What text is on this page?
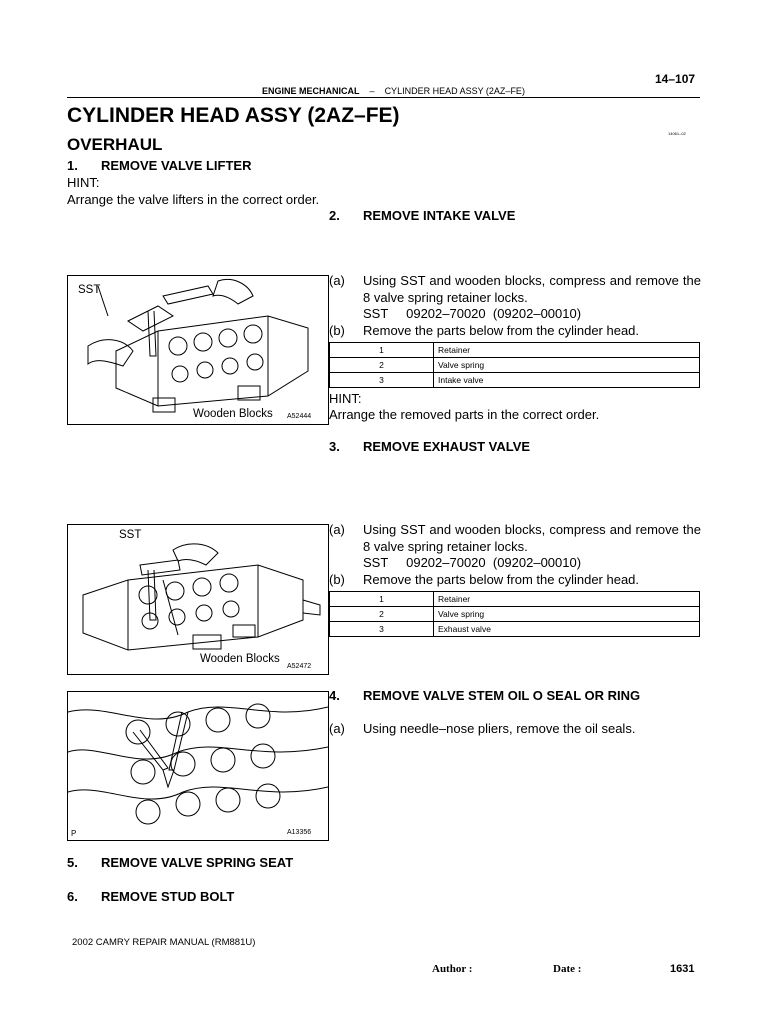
14–107
ENGINE MECHANICAL – CYLINDER HEAD ASSY (2AZ–FE)
CYLINDER HEAD ASSY (2AZ–FE)
OVERHAUL
14061–02
1. REMOVE VALVE LIFTER
HINT:
Arrange the valve lifters in the correct order.
2. REMOVE INTAKE VALVE
SST
Wooden Blocks A52444
(a)	Using SST and wooden blocks, compress and remove the 8 valve spring retainer locks.
SST     09202–70020  (09202–00010)
(b)	Remove the parts below from the cylinder head.
1	Retainer
2	Valve spring
3	Intake valve
HINT:
Arrange the removed parts in the correct order.
3. REMOVE EXHAUST VALVE
SST
Wooden Blocks
A52472
(a)	Using SST and wooden blocks, compress and remove the 8 valve spring retainer locks.
SST     09202–70020  (09202–00010)
(b)	Remove the parts below from the cylinder head.
1	Retainer
2	Valve spring
3	Exhaust valve
4. REMOVE VALVE STEM OIL O SEAL OR RING
(a)	Using needle–nose pliers, remove the oil seals.
P	A13356
5. REMOVE VALVE SPRING SEAT
6. REMOVE STUD BOLT
2002 CAMRY REPAIR MANUAL (RM881U)
Author :	Date :	1631
